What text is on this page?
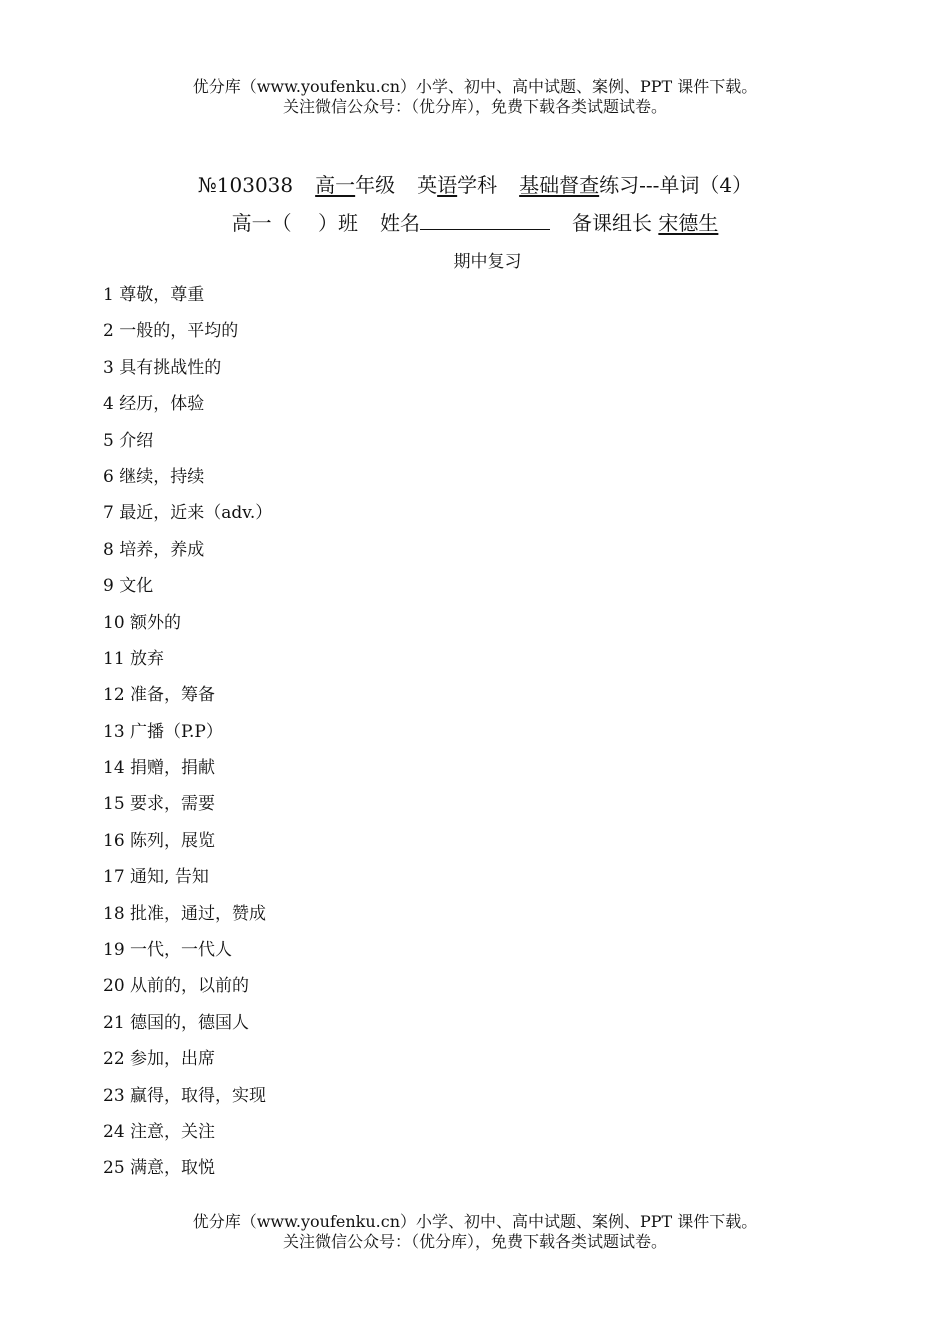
优分库（www.youfenku.cn）小学、初中、高中试题、案例、PPT 课件下载。
关注微信公众号：（优分库），免费下载各类试题试卷。
№103038 高一年级 英语学科 基础督查练习---单词（4）
高一（　 ）班 姓名	备课组长 宋德生
期中复习
1 尊敬，尊重
2 一般的，平均的
3 具有挑战性的
4 经历，体验
5 介绍
6 继续，持续
7 最近，近来（adv.）
8 培养，养成
9 文化
10 额外的
11 放弃
12 准备，筹备
13 广播（P.P）
14 捐赠，捐献
15 要求，需要
16 陈列，展览
17 通知, 告知
18 批准，通过，赞成
19 一代，一代人
20 从前的，以前的
21 德国的，德国人
22 参加，出席
23 赢得，取得，实现
24 注意，关注
25 满意，取悦
优分库（www.youfenku.cn）小学、初中、高中试题、案例、PPT 课件下载。
关注微信公众号：（优分库），免费下载各类试题试卷。
